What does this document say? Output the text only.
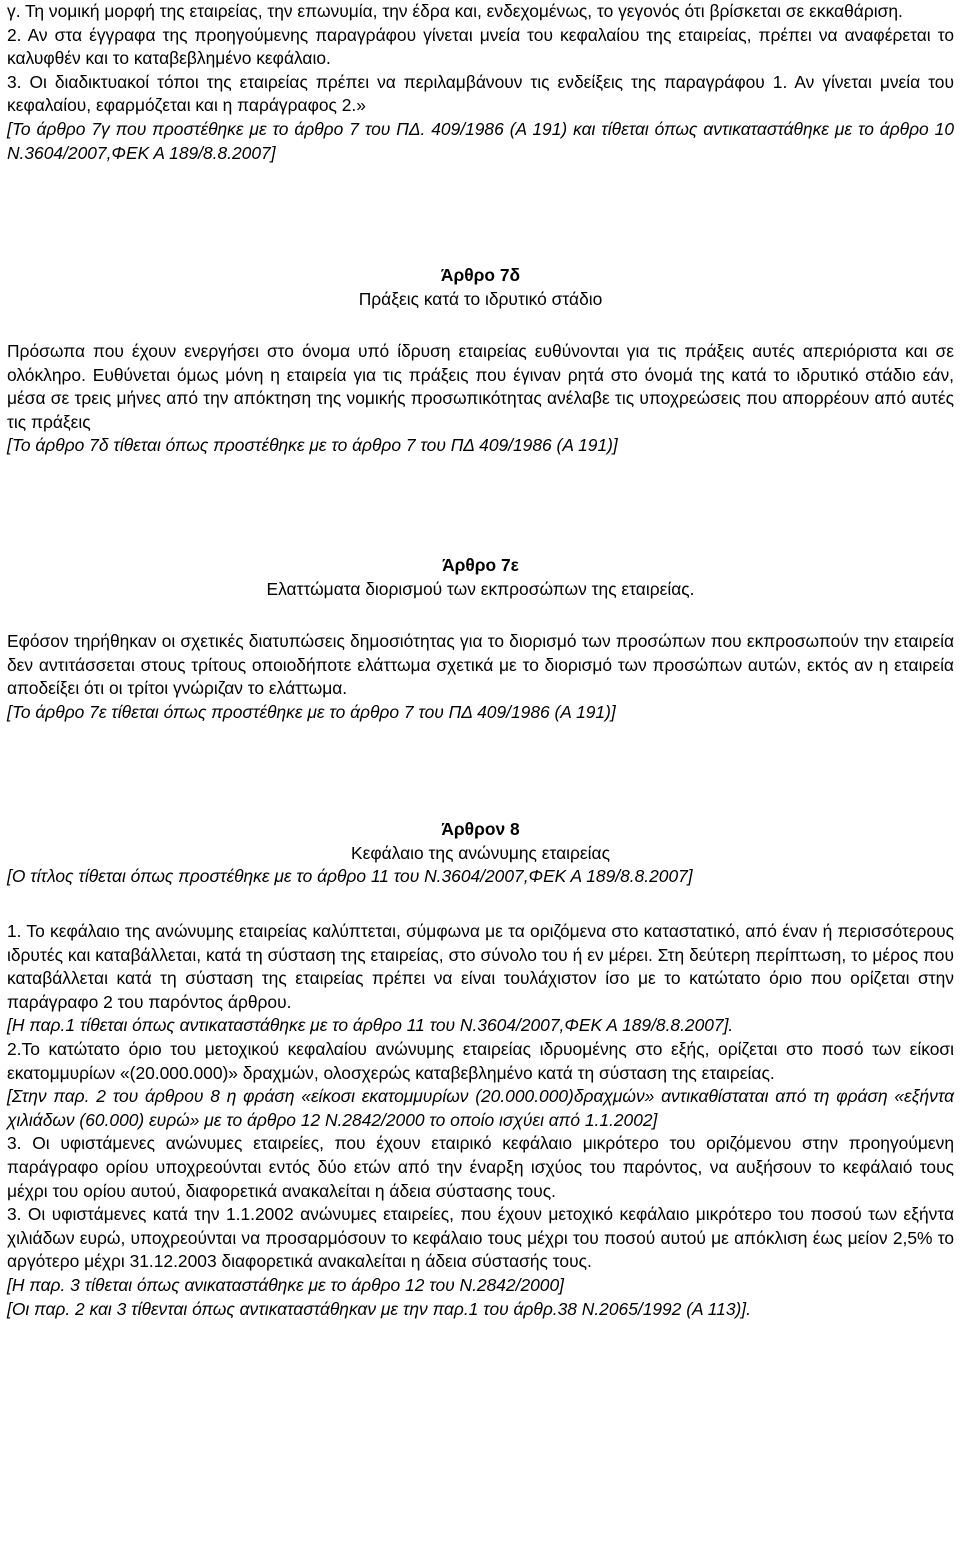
γ. Τη νομική μορφή της εταιρείας, την επωνυμία, την έδρα και, ενδεχομένως, το γεγονός ότι βρίσκεται σε εκκαθάριση.

2. Αν στα έγγραφα της προηγούμενης παραγράφου γίνεται μνεία του κεφαλαίου της εταιρείας, πρέπει να αναφέρεται το καλυφθέν και το καταβεβλημένο κεφάλαιο.

3. Οι διαδικτυακοί τόποι της εταιρείας πρέπει να περιλαμβάνουν τις ενδείξεις της παραγράφου 1. Αν γίνεται μνεία του κεφαλαίου, εφαρμόζεται και η παράγραφος 2.»

[Το άρθρο 7γ που προστέθηκε με το άρθρο 7 του ΠΔ. 409/1986 (Α 191) και τίθεται όπως αντικαταστάθηκε με το άρθρο 10 Ν.3604/2007,ΦΕΚ Α 189/8.8.2007]

Άρθρο 7δ

Πράξεις κατά το ιδρυτικό στάδιο

Πρόσωπα που έχουν ενεργήσει στο όνομα υπό ίδρυση εταιρείας ευθύνονται για τις πράξεις αυτές απεριόριστα και σε ολόκληρο. Ευθύνεται όμως μόνη η εταιρεία για τις πράξεις που έγιναν ρητά στο όνομά της κατά το ιδρυτικό στάδιο εάν, μέσα σε τρεις μήνες από την απόκτηση της νομικής προσωπικότητας ανέλαβε τις υποχρεώσεις που απορρέουν από αυτές τις πράξεις

[Το άρθρο 7δ τίθεται όπως προστέθηκε με το άρθρο 7 του ΠΔ 409/1986 (Α 191)]

Άρθρο 7ε

Ελαττώματα διορισμού των εκπροσώπων της εταιρείας.

Εφόσον τηρήθηκαν οι σχετικές διατυπώσεις δημοσιότητας για το διορισμό των προσώπων που εκπροσωπούν την εταιρεία δεν αντιτάσσεται στους τρίτους οποιοδήποτε ελάττωμα σχετικά με το διορισμό των προσώπων αυτών, εκτός αν η εταιρεία αποδείξει ότι οι τρίτοι γνώριζαν το ελάττωμα.

[Το άρθρο 7ε τίθεται όπως προστέθηκε με το άρθρο 7 του ΠΔ 409/1986 (Α 191)]

Άρθρον 8

Κεφάλαιο της ανώνυμης εταιρείας

[Ο τίτλος τίθεται όπως προστέθηκε με το άρθρο 11 του Ν.3604/2007,ΦΕΚ Α 189/8.8.2007]

1. Το κεφάλαιο της ανώνυμης εταιρείας καλύπτεται, σύμφωνα με τα οριζόμενα στο καταστατικό, από έναν ή περισσότερους ιδρυτές και καταβάλλεται, κατά τη σύσταση της εταιρείας, στο σύνολο του ή εν μέρει. Στη δεύτερη περίπτωση, το μέρος που καταβάλλεται κατά τη σύσταση της εταιρείας πρέπει να είναι τουλάχιστον ίσο με το κατώτατο όριο που ορίζεται στην παράγραφο 2 του παρόντος άρθρου.

[Η παρ.1 τίθεται όπως αντικαταστάθηκε με το άρθρο 11 του Ν.3604/2007,ΦΕΚ Α 189/8.8.2007].

2.Το κατώτατο όριο του μετοχικού κεφαλαίου ανώνυμης εταιρείας ιδρυομένης στο εξής, ορίζεται στο ποσό των είκοσι εκατομμυρίων «(20.000.000)» δραχμών, ολοσχερώς καταβεβλημένο κατά τη σύσταση της εταιρείας.

[Στην παρ. 2 του άρθρου 8 η φράση «είκοσι εκατομμυρίων (20.000.000)δραχμών» αντικαθίσταται από τη φράση «εξήντα χιλιάδων (60.000) ευρώ» με το άρθρο 12 Ν.2842/2000 το οποίο ισχύει από 1.1.2002]

3. Οι υφιστάμενες ανώνυμες εταιρείες, που έχουν εταιρικό κεφάλαιο μικρότερο του οριζόμενου στην προηγούμενη παράγραφο ορίου υποχρεούνται εντός δύο ετών από την έναρξη ισχύος του παρόντος, να αυξήσουν το κεφάλαιό τους μέχρι του ορίου αυτού, διαφορετικά ανακαλείται η άδεια σύστασης τους.

3. Οι υφιστάμενες κατά την 1.1.2002 ανώνυμες εταιρείες, που έχουν μετοχικό κεφάλαιο μικρότερο του ποσού των εξήντα χιλιάδων ευρώ, υποχρεούνται να προσαρμόσουν το κεφάλαιο τους μέχρι του ποσού αυτού με απόκλιση έως μείον 2,5% το αργότερο μέχρι 31.12.2003 διαφορετικά ανακαλείται η άδεια σύστασής τους.

[Η παρ. 3 τίθεται όπως ανικαταστάθηκε με το άρθρο 12 του Ν.2842/2000]

[Οι παρ. 2 και 3 τίθενται όπως αντικαταστάθηκαν με την παρ.1 του άρθρ.38 Ν.2065/1992 (Α 113)].
